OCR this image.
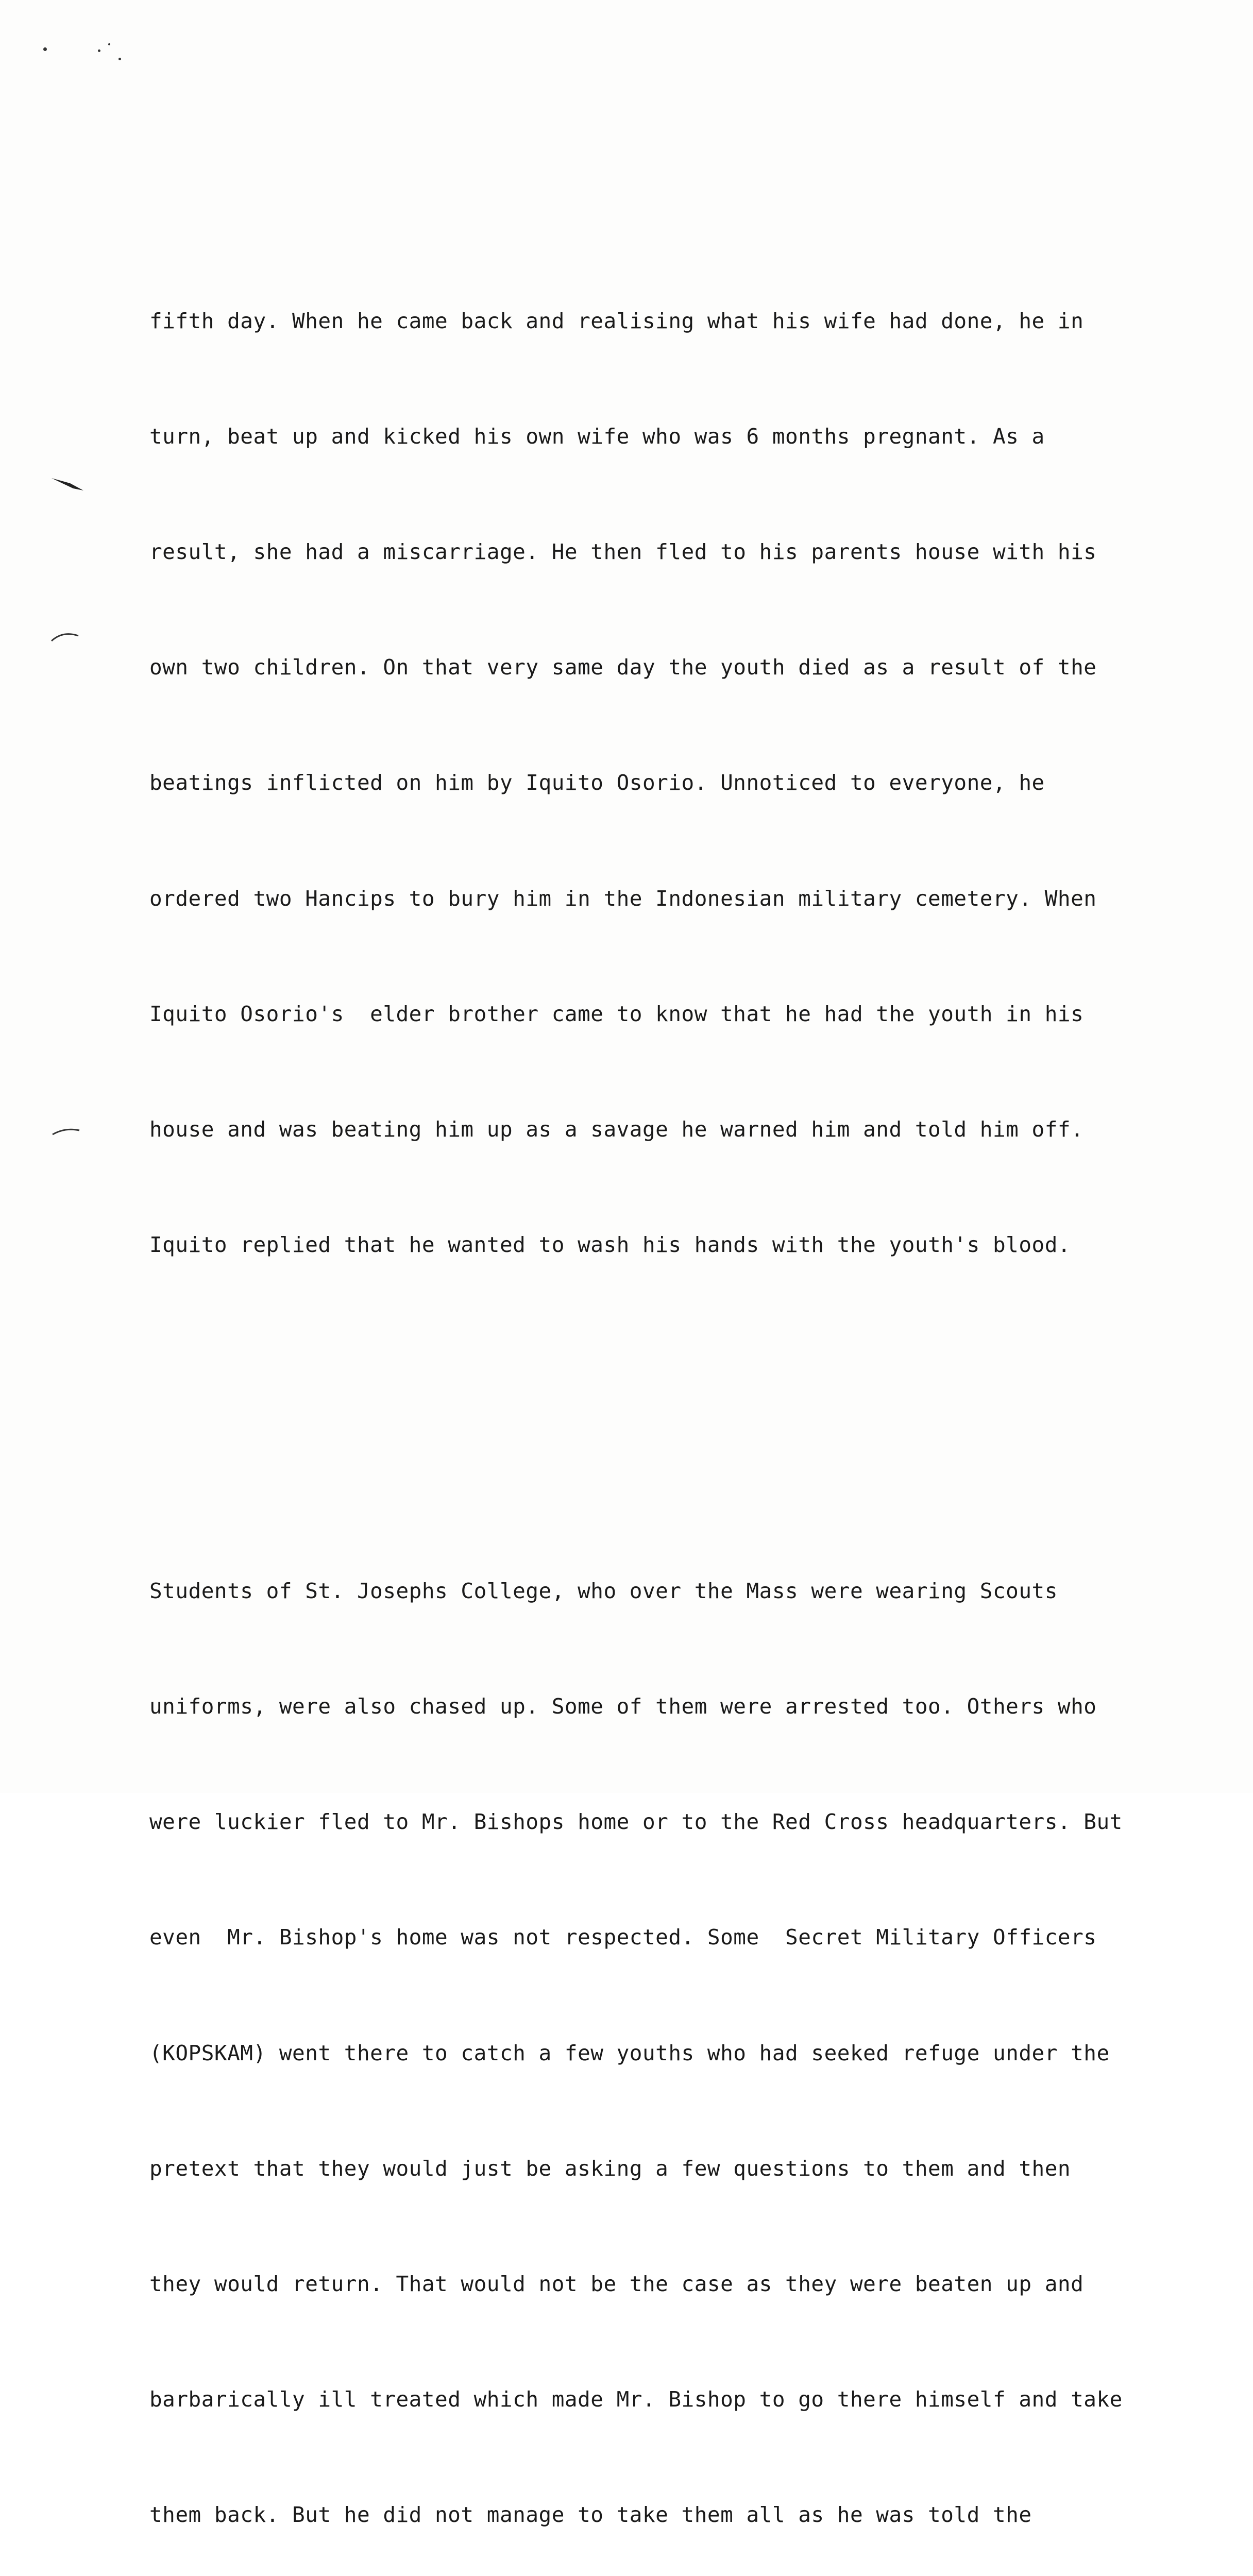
fifth day. When he came back and realising what his wife had done, he in

turn, beat up and kicked his own wife who was 6 months pregnant. As a

result, she had a miscarriage. He then fled to his parents house with his

own two children. On that very same day the youth died as a result of the

beatings inflicted on him by Iquito Osorio. Unnoticed to everyone, he

ordered two Hancips to bury him in the Indonesian military cemetery. When

Iquito Osorio's  elder brother came to know that he had the youth in his

house and was beating him up as a savage he warned him and told him off.

Iquito replied that he wanted to wash his hands with the youth's blood.

Students of St. Josephs College, who over the Mass were wearing Scouts

uniforms, were also chased up. Some of them were arrested too. Others who

were luckier fled to Mr. Bishops home or to the Red Cross headquarters. But

even  Mr. Bishop's home was not respected. Some  Secret Military Officers

(KOPSKAM) went there to catch a few youths who had seeked refuge under the

pretext that they would just be asking a few questions to them and then

they would return. That would not be the case as they were beaten up and

barbarically ill treated which made Mr. Bishop to go there himself and take

them back. But he did not manage to take them all as he was told the
